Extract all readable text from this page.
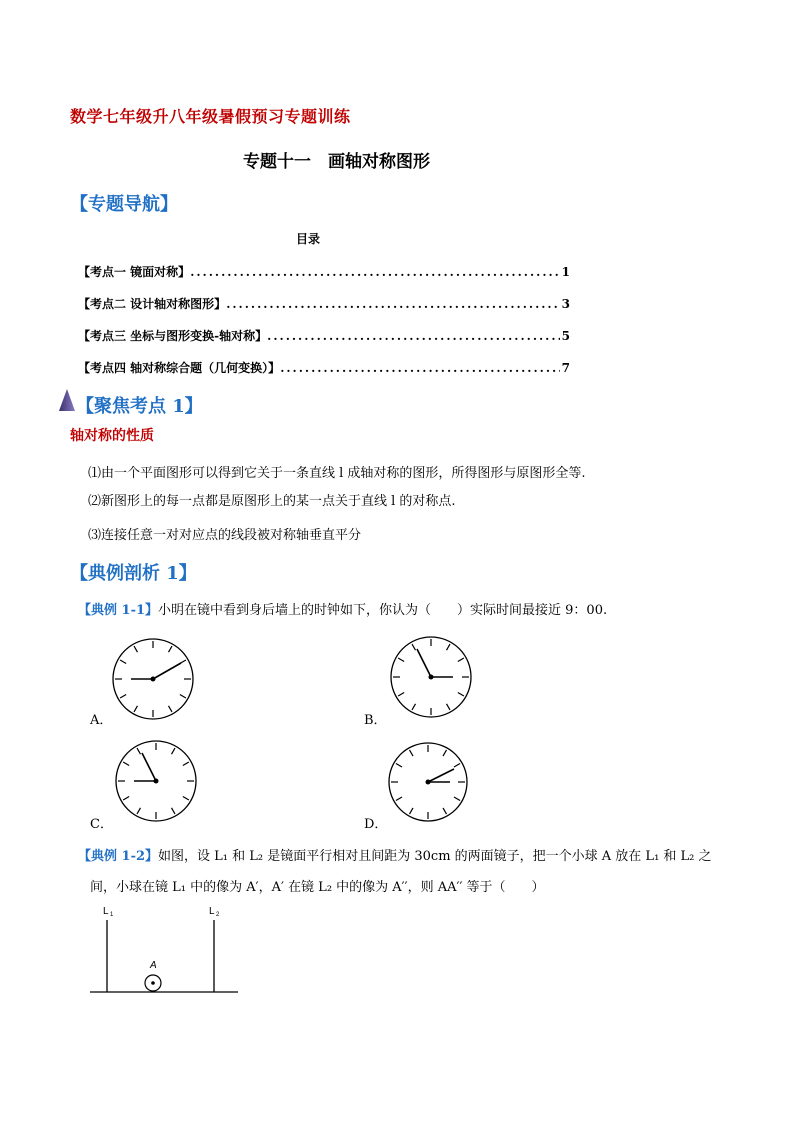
数学七年级升八年级暑假预习专题训练
专题十一　画轴对称图形
【专题导航】
目录
【考点一 镜面对称】 .....	1
【考点二 设计轴对称图形】 .....	3
【考点三 坐标与图形变换-轴对称】 .....	5
【考点四 轴对称综合题（几何变换）】 .....	7
【聚焦考点 1】
轴对称的性质
⑴由一个平面图形可以得到它关于一条直线 l 成轴对称的图形，所得图形与原图形全等.
⑵新图形上的每一点都是原图形上的某一点关于直线 l 的对称点.
⑶连接任意一对对应点的线段被对称轴垂直平分
【典例剖析 1】
【典例 1-1】小明在镜中看到身后墙上的时钟如下，你认为（　　）实际时间最接近 9：00.
A．	B．
C．	D．
【典例 1-2】如图，设 L₁ 和 L₂ 是镜面平行相对且间距为 30cm 的两面镜子，把一个小球 A 放在 L₁ 和 L₂ 之
间，小球在镜 L₁ 中的像为 A′，A′ 在镜 L₂ 中的像为 A′′，则 AA′′ 等于（　　）
L 1	L 2
A
